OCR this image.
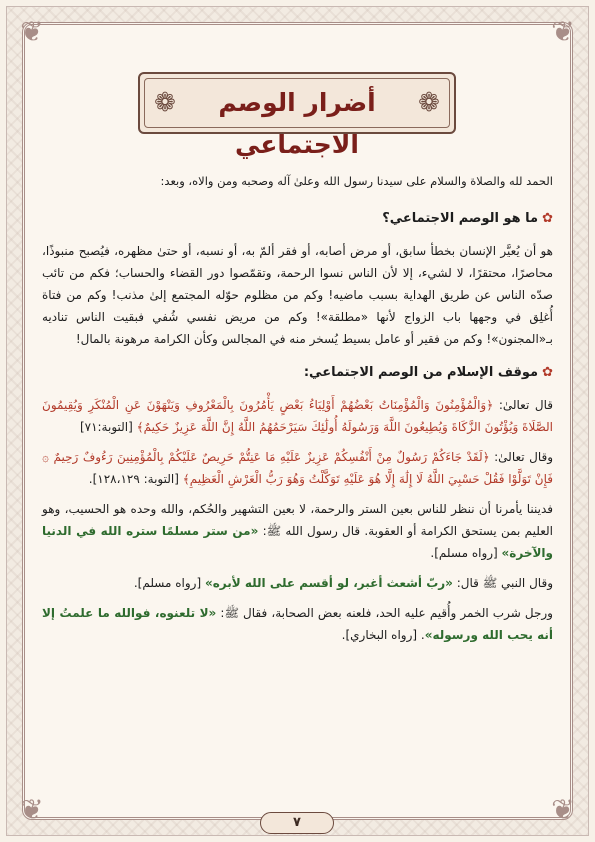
❦	❦
❦	❦
❁	أضرار الوصم الاجتماعي
❁

الحمد لله والصلاة والسلام على سيدنا رسول الله وعلىٰ آله وصحبه ومن والاه، وبعد:

✿ما هو الوصم الاجتماعي؟

هو أن يُعيَّر الإنسان بخطأ سابق، أو مرض أصابه، أو فقر ألمّ به، أو نسبه، أو حتىٰ مظهره، فيُصبح منبوذًا، محاصرًا، محتقرًا، لا لشيء، إلا لأن الناس نسوا الرحمة، وتقمّصوا دور القضاء والحساب؛ فكم من تائب صدّه الناس عن طريق الهداية بسبب ماضيه! وكم من مظلوم حوّله المجتمع إلىٰ مذنب! وكم من فتاة أُغلِق في وجهها باب الزواج لأنها «مطلقة»! وكم من مريض نفسي شُفي فبقيت الناس تناديه بـ«المجنون»! وكم من فقير أو عامل بسيط يُسخر منه في المجالس وكأن الكرامة مرهونة بالمال!

✿موقف الإسلام من الوصم الاجتماعي:

قال تعالىٰ: ﴿وَالْمُؤْمِنُونَ وَالْمُؤْمِنَاتُ بَعْضُهُمْ أَوْلِيَاءُ بَعْضٍ يَأْمُرُونَ بِالْمَعْرُوفِ وَيَنْهَوْنَ عَنِ الْمُنْكَرِ وَيُقِيمُونَ الصَّلَاةَ وَيُؤْتُونَ الزَّكَاةَ وَيُطِيعُونَ اللَّهَ وَرَسُولَهُ أُولَٰئِكَ سَيَرْحَمُهُمُ اللَّهُ إِنَّ اللَّهَ عَزِيزٌ حَكِيمٌ﴾ [التوبة:٧١]

وقال تعالىٰ: ﴿لَقَدْ جَاءَكُمْ رَسُولٌ مِنْ أَنْفُسِكُمْ عَزِيزٌ عَلَيْهِ مَا عَنِتُّمْ حَرِيصٌ عَلَيْكُمْ بِالْمُؤْمِنِينَ رَءُوفٌ رَحِيمٌ ۞ فَإِنْ تَوَلَّوْا فَقُلْ حَسْبِيَ اللَّهُ لَا إِلَٰهَ إِلَّا هُوَ عَلَيْهِ تَوَكَّلْتُ وَهُوَ رَبُّ الْعَرْشِ الْعَظِيمِ﴾ [التوبة: ١٢٨،١٢٩].

فديننا يأمرنا أن ننظر للناس بعين الستر والرحمة، لا بعين التشهير والحُكم، والله وحده هو الحسيب، وهو العليم بمن يستحق الكرامة أو العقوبة. قال رسول الله ﷺ: «من ستر مسلمًا ستره الله في الدنيا والآخرة» [رواه مسلم].

وقال النبي ﷺ قال: «ربّ أشعث أغبر، لو أقسم على الله لأبره» [رواه مسلم].

ورجل شرب الخمر وأُقيم عليه الحد، فلعنه بعض الصحابة، فقال ﷺ: «لا تلعنوه، فوالله ما علمتُ إلا أنه يحب الله ورسوله». [رواه البخاري].

٧
